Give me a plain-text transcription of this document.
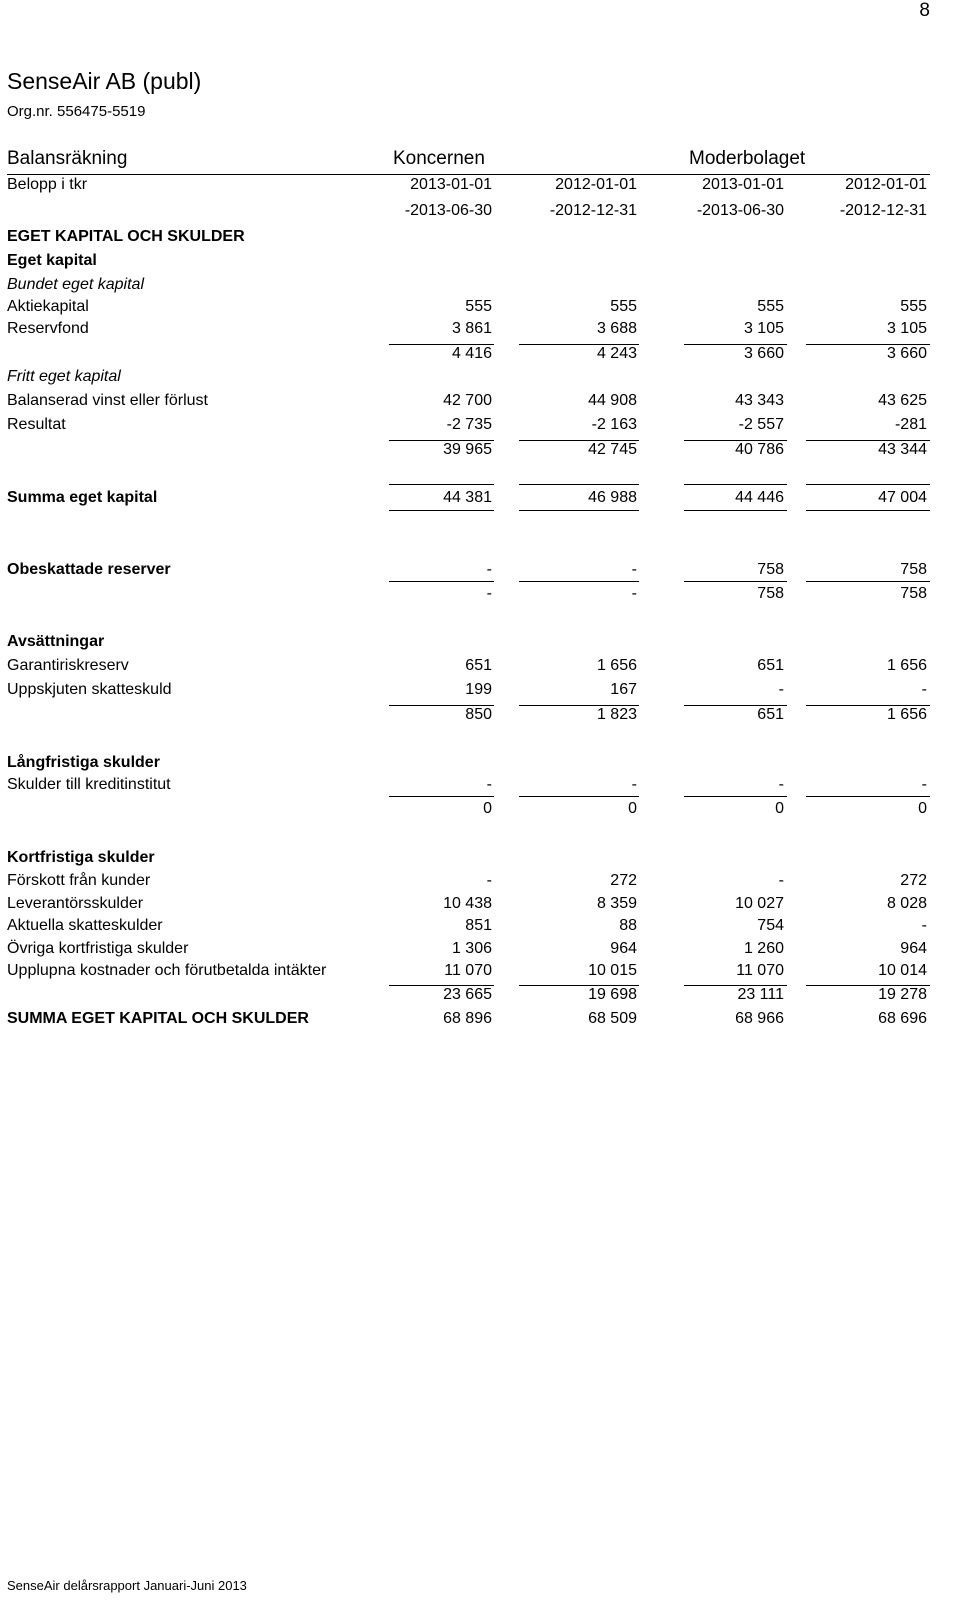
8
SenseAir AB (publ)
Org.nr. 556475-5519
Balansräkning	Koncernen	Moderbolaget
Belopp i tkr	2013-01-01	2012-01-01	2013-01-01	2012-01-01
-2013-06-30	-2012-12-31	-2013-06-30	-2012-12-31
EGET KAPITAL OCH SKULDER
Eget kapital
Bundet eget kapital
Aktiekapital	555	555	555	555
Reservfond	3 861	3 688	3 105	3 105
4 416	4 243	3 660	3 660
Fritt eget kapital
Balanserad vinst eller förlust	42 700	44 908	43 343	43 625
Resultat	-2 735	-2 163	-2 557	-281
39 965	42 745	40 786	43 344
Summa eget kapital	44 381	46 988	44 446	47 004
Obeskattade reserver	-	-	758	758
-	-	758	758
Avsättningar
Garantiriskreserv	651	1 656	651	1 656
Uppskjuten skatteskuld	199	167	-	-
850	1 823	651	1 656
Långfristiga skulder
Skulder till kreditinstitut	-	-	-	-
0	0	0	0
Kortfristiga skulder
Förskott från kunder	-	272	-	272
Leverantörsskulder	10 438	8 359	10 027	8 028
Aktuella skatteskulder	851	88	754	-
Övriga kortfristiga skulder	1 306	964	1 260	964
Upplupna kostnader och förutbetalda intäkter	11 070	10 015	11 070	10 014
23 665	19 698	23 111	19 278
SUMMA EGET KAPITAL OCH SKULDER	68 896	68 509	68 966	68 696
SenseAir delårsrapport Januari-Juni 2013
